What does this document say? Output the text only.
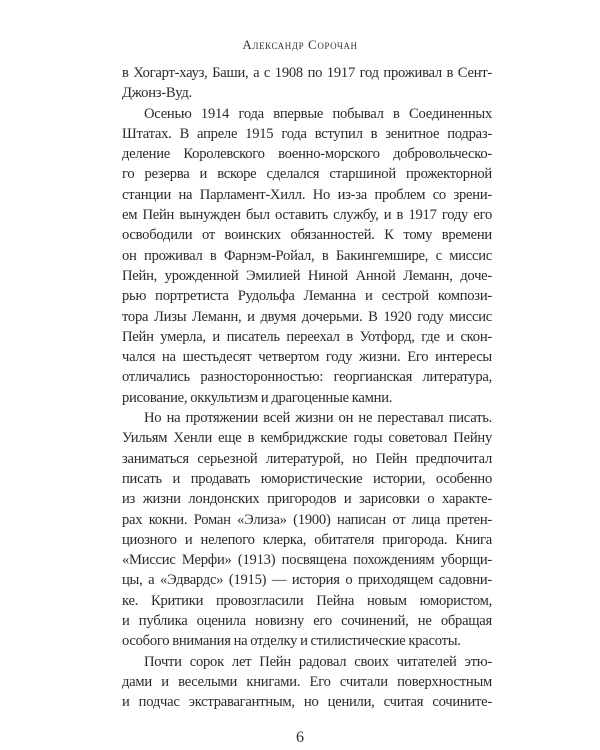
Александр Сорочан
в Хогарт-хауз, Баши, а с 1908 по 1917 год проживал в Сент-
Джонз-Вуд.
Осенью 1914 года впервые побывал в Соединенных
Штатах. В апреле 1915 года вступил в зенитное подраз-
деление Королевского военно-морского добровольческо-
го резерва и вскоре сделался старшиной прожекторной
станции на Парламент-Хилл. Но из-за проблем со зрени-
ем Пейн вынужден был оставить службу, и в 1917 году его
освободили от воинских обязанностей. К тому времени
он проживал в Фарнэм-Ройал, в Бакингемшире, с миссис
Пейн, урожденной Эмилией Ниной Анной Леманн, доче-
рью портретиста Рудольфа Леманна и сестрой компози-
тора Лизы Леманн, и двумя дочерьми. В 1920 году миссис
Пейн умерла, и писатель переехал в Уотфорд, где и скон-
чался на шестьдесят четвертом году жизни. Его интересы
отличались разносторонностью: георгианская литература,
рисование, оккультизм и драгоценные камни.
Но на протяжении всей жизни он не переставал писать.
Уильям Хенли еще в кембриджские годы советовал Пейну
заниматься серьезной литературой, но Пейн предпочитал
писать и продавать юмористические истории, особенно
из жизни лондонских пригородов и зарисовки о характе-
рах кокни. Роман «Элиза» (1900) написан от лица претен-
циозного и нелепого клерка, обитателя пригорода. Книга
«Миссис Мерфи» (1913) посвящена похождениям уборщи-
цы, а «Эдвардс» (1915) — история о приходящем садовни-
ке. Критики провозгласили Пейна новым юмористом,
и публика оценила новизну его сочинений, не обращая
особого внимания на отделку и стилистические красоты.
Почти сорок лет Пейн радовал своих читателей этю-
дами и веселыми книгами. Его считали поверхностным
и подчас экстравагантным, но ценили, считая сочините-
6
